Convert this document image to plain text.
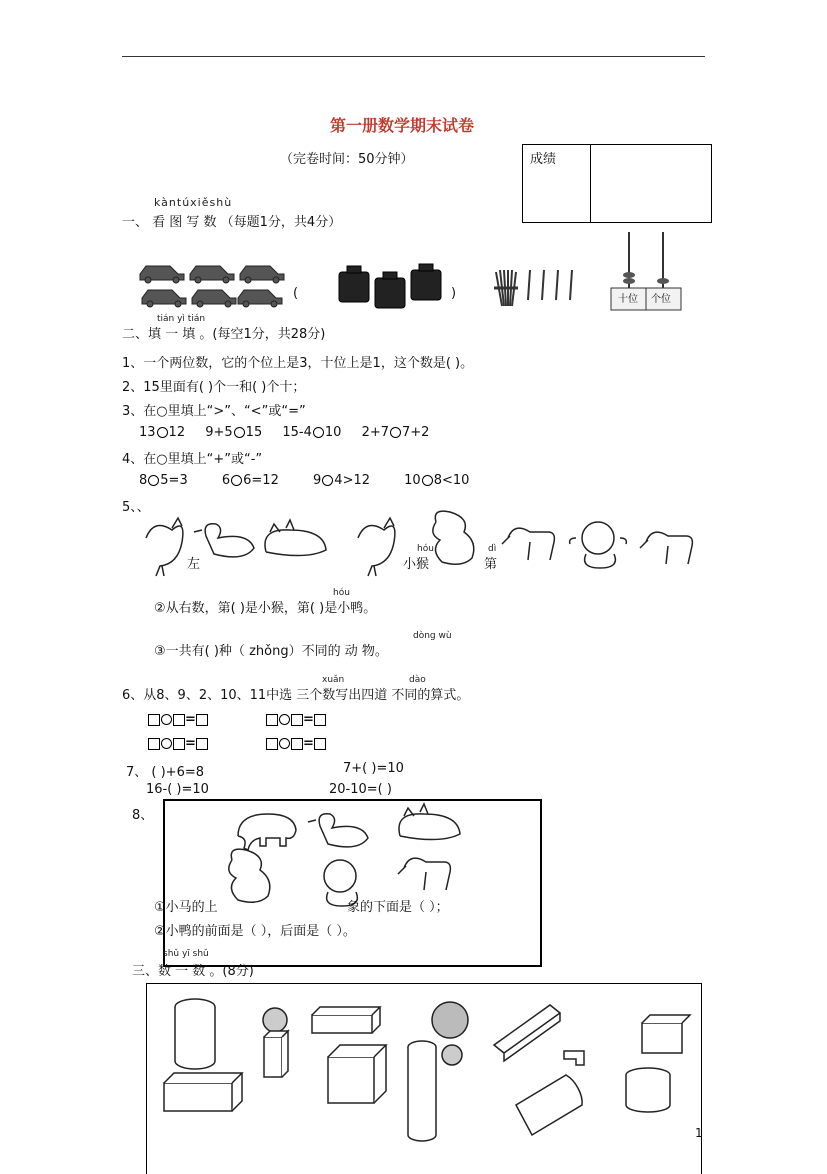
第一册数学期末试卷
（完卷时间：50分钟）	成绩
kàntúxiěshù
一、 看 图 写 数 （每题1分，共4分）
(	)	十位 个位
tián yì tián
二、填 一 填 。(每空1分，共28分)
1、一个两位数，它的个位上是3，十位上是1，这个数是( )。
2、15里面有( )个一和( )个十；
3、在○里填上“>”、“<”或“=”
13 12 9+5 15 15-4 10 2+7 7+2
4、在○里填上“+”或“-”
8 5=3	6 6=12	9 4>12	10 8<10
5、、
左
hóu
小猴
dì
第
hóu
②从右数，第( )是小猴，第( )是小鸭。
dòng wù
③一共有( )种（ zhǒng）不同的 动 物。
xuǎn	dào
6、从8、9、2、10、11中选 三个数写出四道 不同的算式。
=	=
=	=
7、 ( )+6=8	7+( )=10
16-( )=10	20-10=( )
8、
①小马的上	象的下面是（ ）；
②小鸭的前面是（ ），后面是（ ）。
shǔ yī shǔ
三、数 一 数 。(8分)
1
